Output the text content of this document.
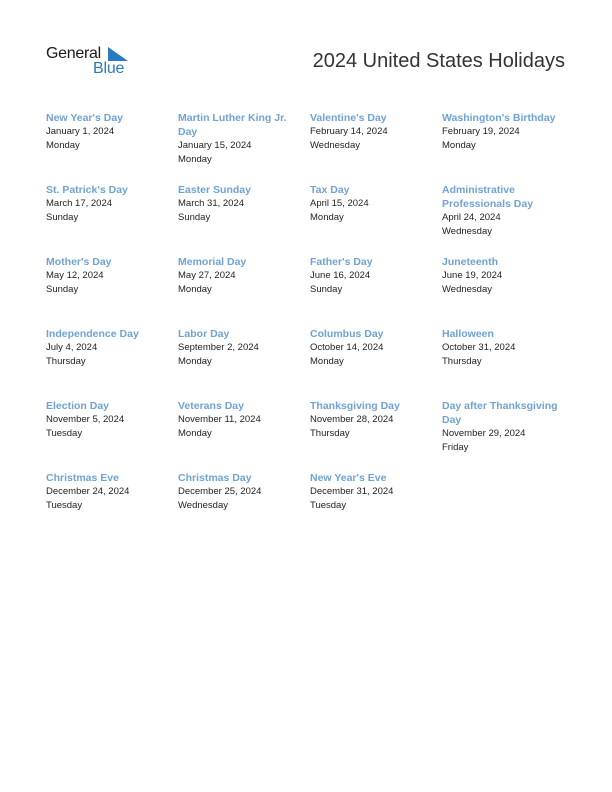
General
Blue	2024 United States Holidays
New Year's Day
January 1, 2024
Monday
Martin Luther King Jr. Day
January 15, 2024
Monday
Valentine's Day
February 14, 2024
Wednesday
Washington's Birthday
February 19, 2024
Monday
St. Patrick's Day
March 17, 2024
Sunday
Easter Sunday
March 31, 2024
Sunday
Tax Day
April 15, 2024
Monday
Administrative Professionals Day
April 24, 2024
Wednesday
Mother's Day
May 12, 2024
Sunday
Memorial Day
May 27, 2024
Monday
Father's Day
June 16, 2024
Sunday
Juneteenth
June 19, 2024
Wednesday
Independence Day
July 4, 2024
Thursday
Labor Day
September 2, 2024
Monday
Columbus Day
October 14, 2024
Monday
Halloween
October 31, 2024
Thursday
Election Day
November 5, 2024
Tuesday
Veterans Day
November 11, 2024
Monday
Thanksgiving Day
November 28, 2024
Thursday
Day after Thanksgiving Day
November 29, 2024
Friday
Christmas Eve
December 24, 2024
Tuesday
Christmas Day
December 25, 2024
Wednesday
New Year's Eve
December 31, 2024
Tuesday
